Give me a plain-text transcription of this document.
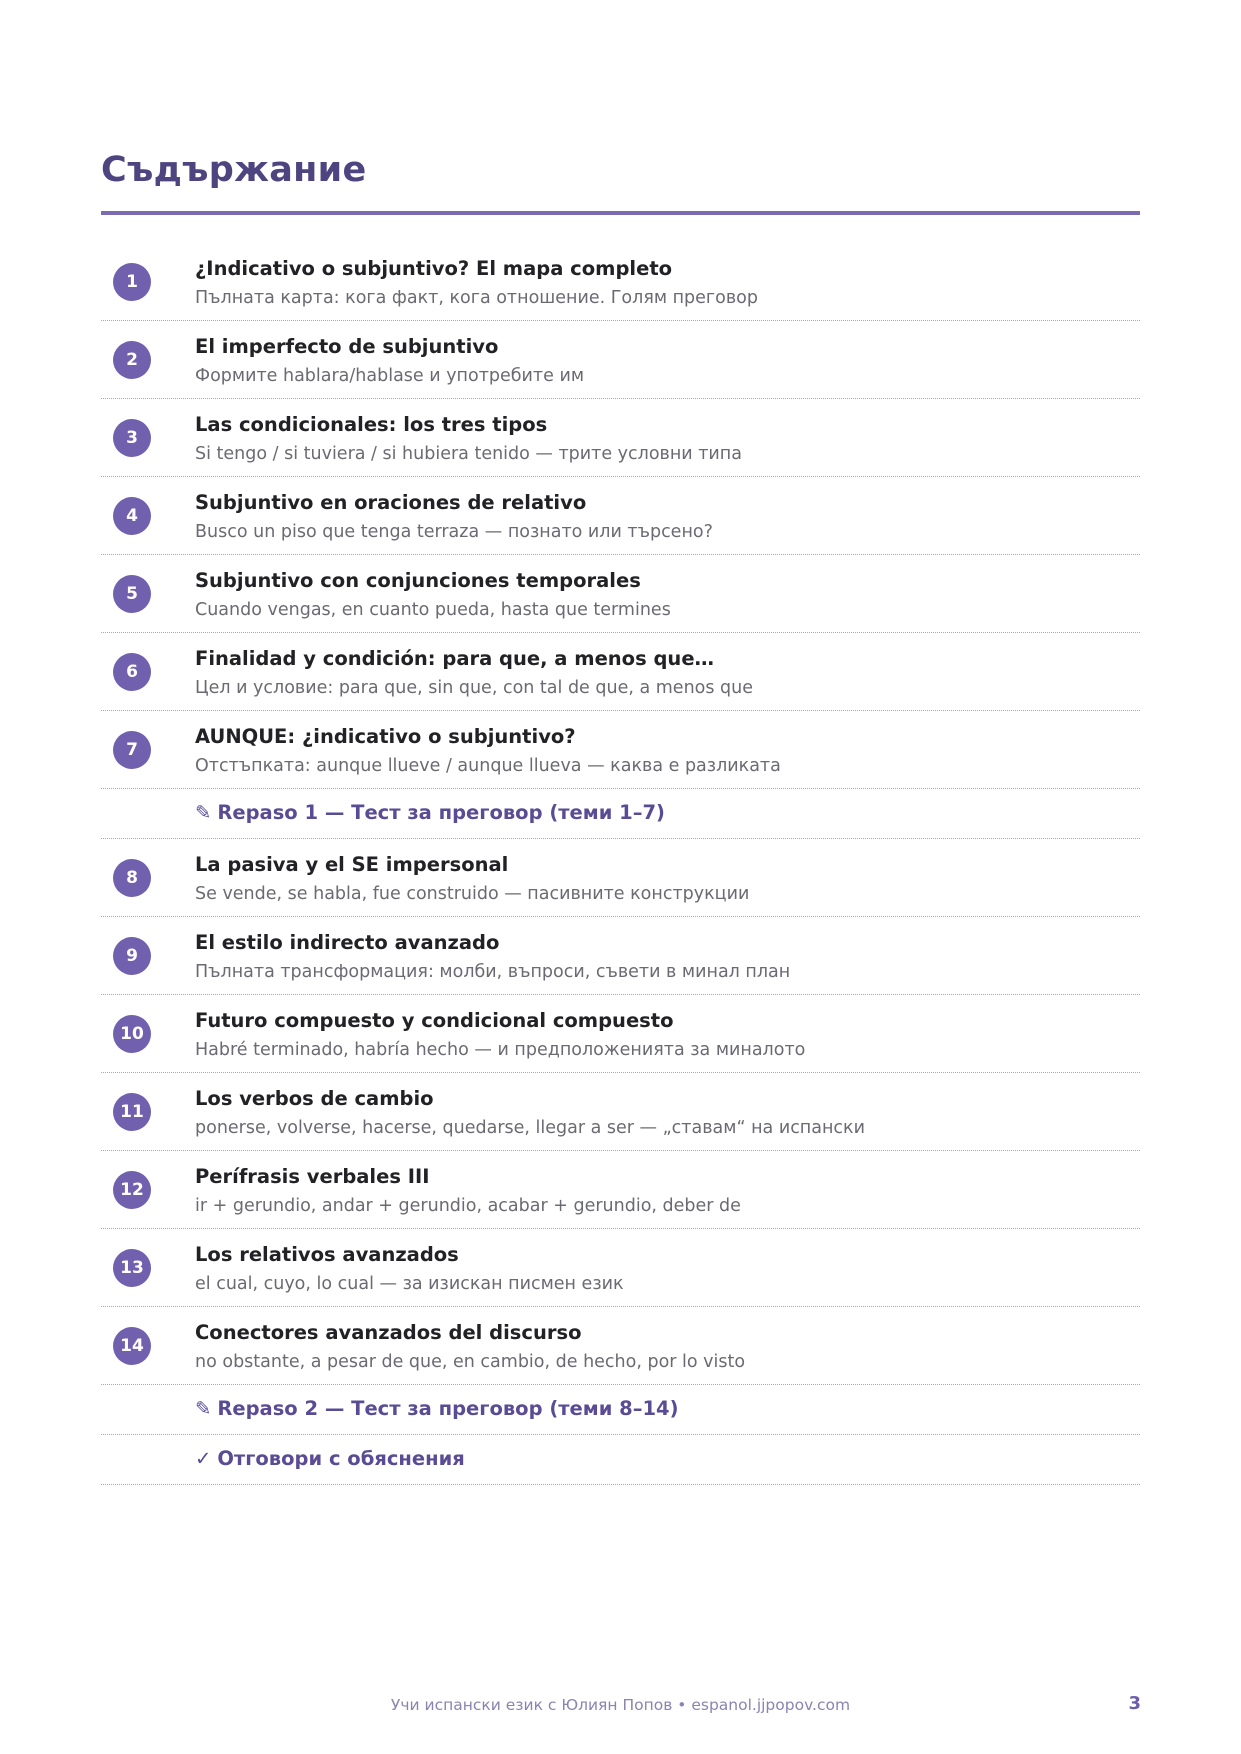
Съдържание
1
¿Indicativo o subjuntivo? El mapa completo
Пълната карта: кога факт, кога отношение. Голям преговор
2
El imperfecto de subjuntivo
Формите hablara/hablase и употребите им
3
Las condicionales: los tres tipos
Si tengo / si tuviera / si hubiera tenido — трите условни типа
4
Subjuntivo en oraciones de relativo
Busco un piso que tenga terraza — познато или търсено?
5
Subjuntivo con conjunciones temporales
Cuando vengas, en cuanto pueda, hasta que termines
6
Finalidad y condición: para que, a menos que…
Цел и условие: para que, sin que, con tal de que, a menos que
7
AUNQUE: ¿indicativo o subjuntivo?
Отстъпката: aunque llueve / aunque llueva — каква е разликата
✎ Repaso 1 — Тест за преговор (теми 1–7)
8
La pasiva y el SE impersonal
Se vende, se habla, fue construido — пасивните конструкции
9
El estilo indirecto avanzado
Пълната трансформация: молби, въпроси, съвети в минал план
10
Futuro compuesto y condicional compuesto
Habré terminado, habría hecho — и предположенията за миналото
11
Los verbos de cambio
ponerse, volverse, hacerse, quedarse, llegar a ser — „ставам“ на испански
12
Perífrasis verbales III
ir + gerundio, andar + gerundio, acabar + gerundio, deber de
13
Los relativos avanzados
el cual, cuyo, lo cual — за изискан писмен език
14
Conectores avanzados del discurso
no obstante, a pesar de que, en cambio, de hecho, por lo visto
✎ Repaso 2 — Тест за преговор (теми 8–14)
✓ Отговори с обяснения
Учи испански език с Юлиян Попов • espanol.jjpopov.com	3
